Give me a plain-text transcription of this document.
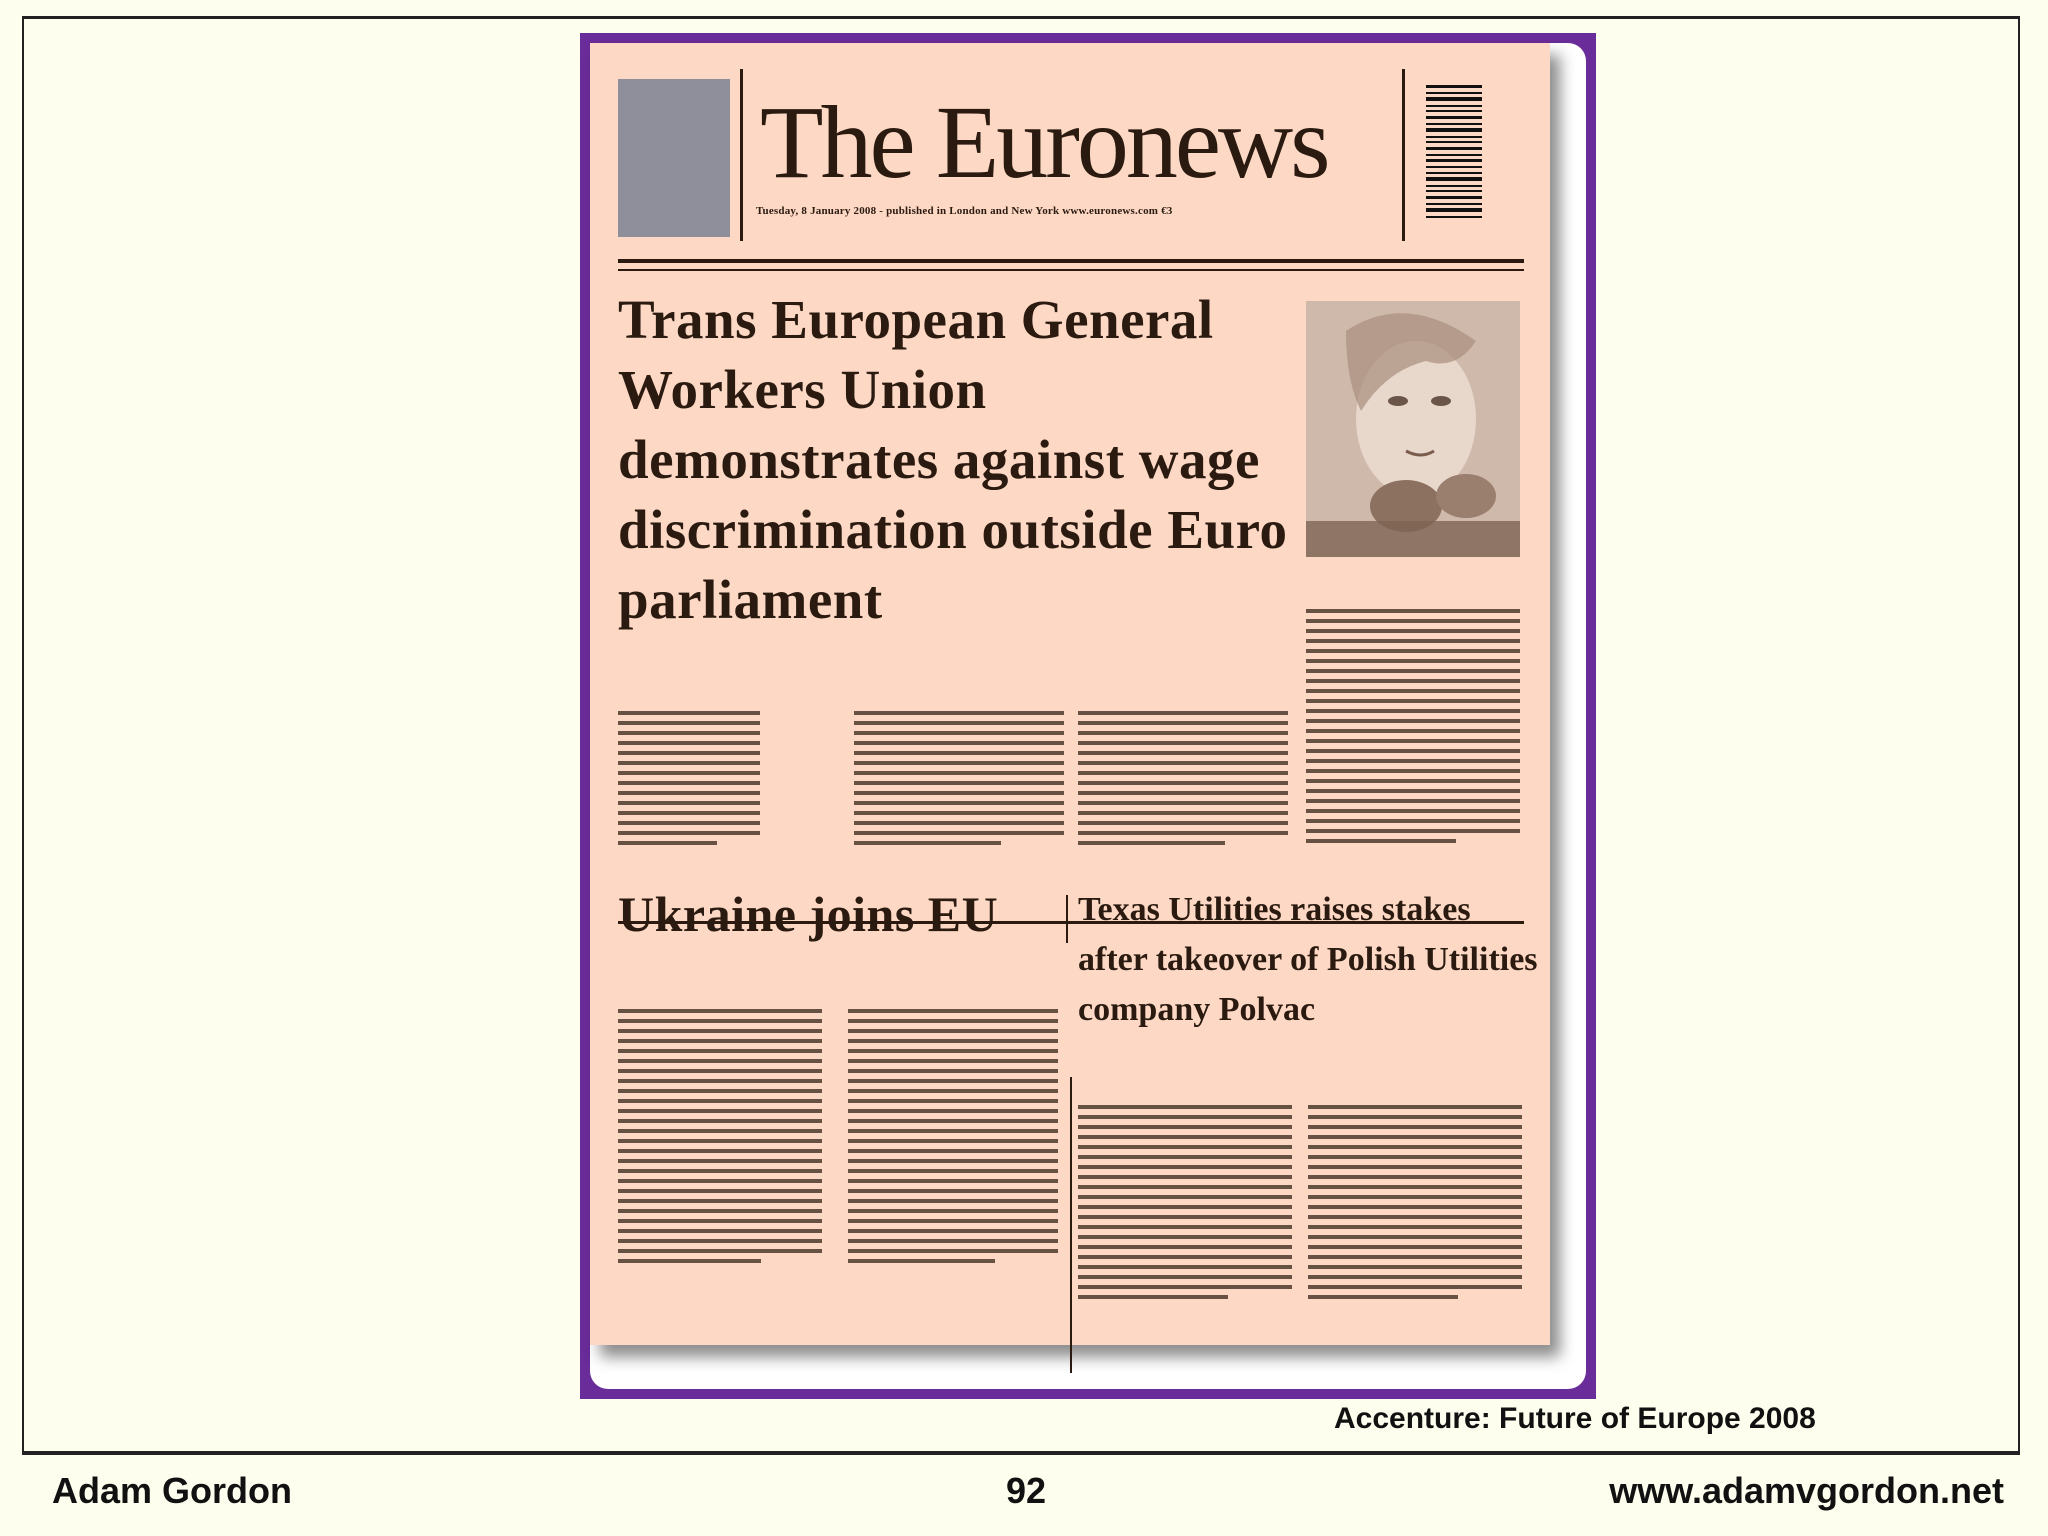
The Euronews
Tuesday, 8 January 2008 - published in London and New York www.euronews.com €3
Trans European General Workers Union demonstrates against wage discrimination outside Euro parliament
Ukraine joins EU Texas Utilities raises stakes after takeover of Polish Utilities company Polvac
Accenture: Future of Europe 2008
Adam Gordon	92	www.adamvgordon.net
